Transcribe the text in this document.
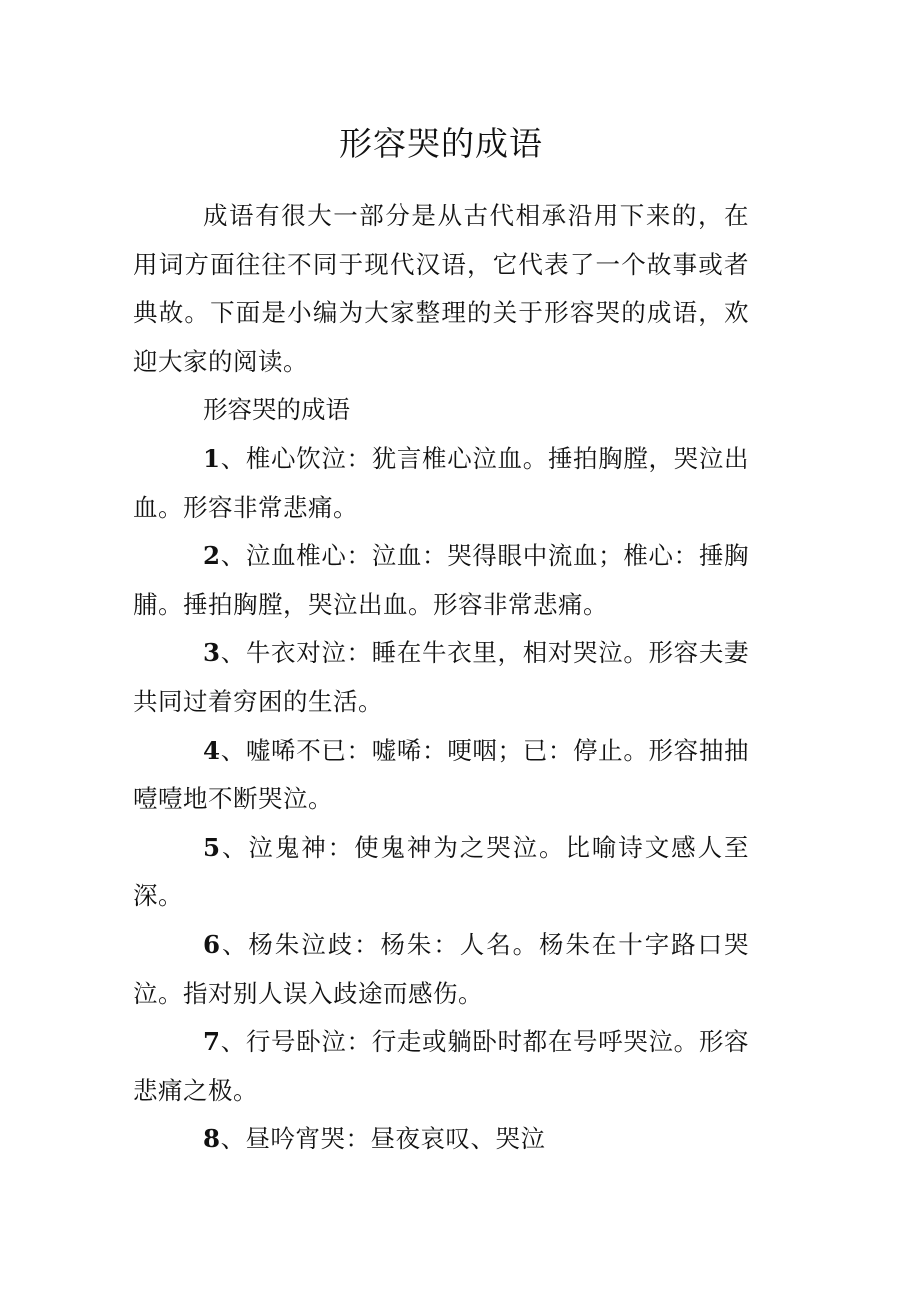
形容哭的成语

成语有很大一部分是从古代相承沿用下来的，在用词方面往往不同于现代汉语，它代表了一个故事或者典故。下面是小编为大家整理的关于形容哭的成语，欢迎大家的阅读。

形容哭的成语

1、椎心饮泣：犹言椎心泣血。捶拍胸膛，哭泣出血。形容非常悲痛。

2、泣血椎心：泣血：哭得眼中流血；椎心：捶胸脯。捶拍胸膛，哭泣出血。形容非常悲痛。

3、牛衣对泣：睡在牛衣里，相对哭泣。形容夫妻共同过着穷困的生活。

4、嘘唏不已：嘘唏：哽咽；已：停止。形容抽抽噎噎地不断哭泣。

5、泣鬼神：使鬼神为之哭泣。比喻诗文感人至深。

6、杨朱泣歧：杨朱：人名。杨朱在十字路口哭泣。指对别人误入歧途而感伤。

7、行号卧泣：行走或躺卧时都在号呼哭泣。形容悲痛之极。

8、昼吟宵哭：昼夜哀叹、哭泣
